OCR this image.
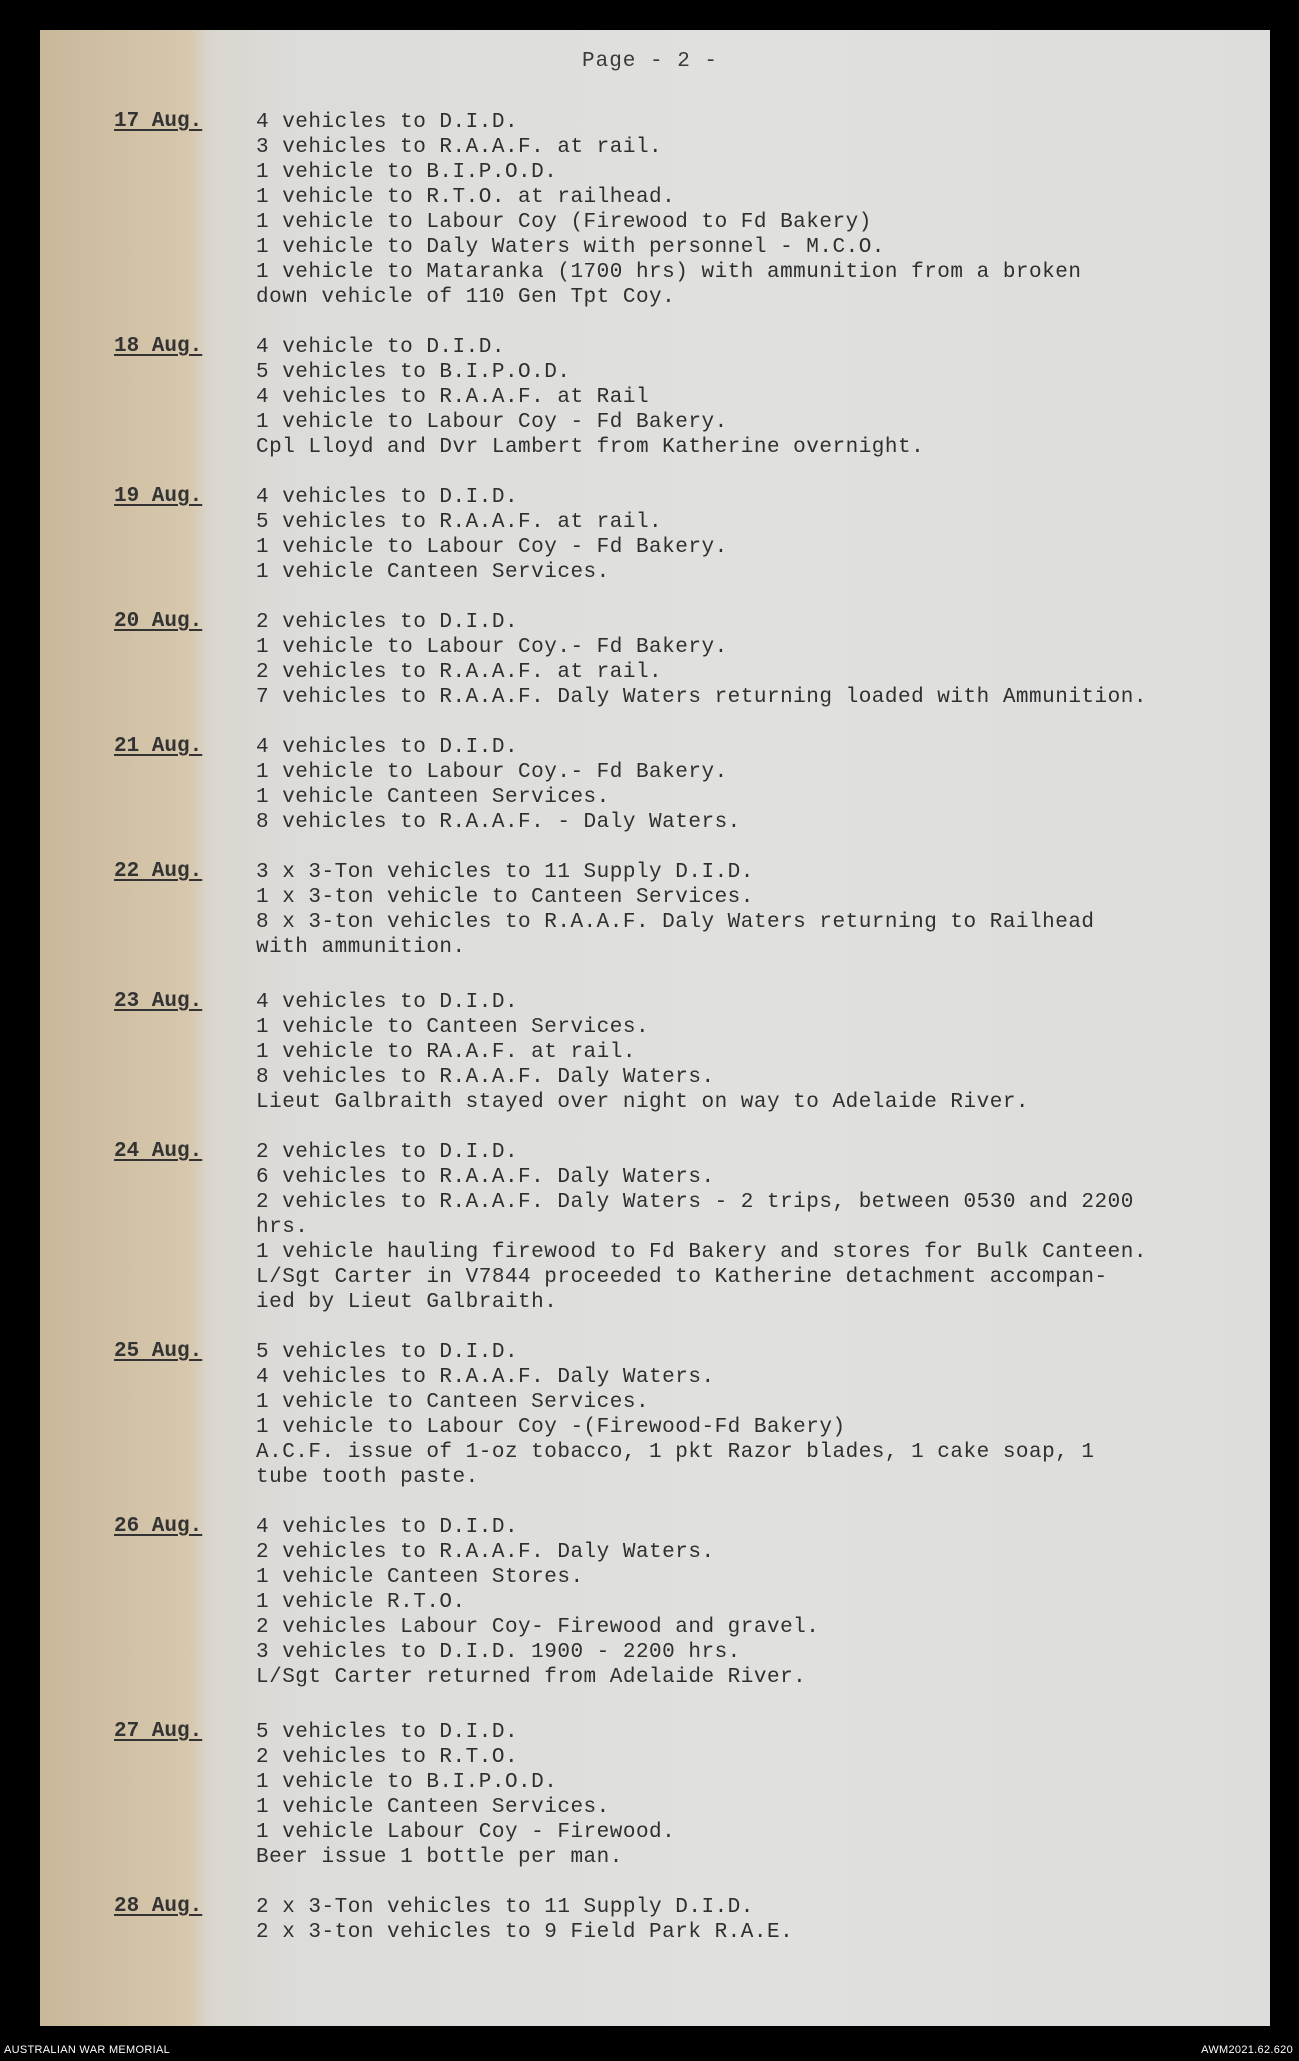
Page - 2 -
17 Aug.	4 vehicles to D.I.D.
3 vehicles to R.A.A.F. at rail.
1 vehicle to B.I.P.O.D.
1 vehicle to R.T.O. at railhead.
1 vehicle to Labour Coy (Firewood to Fd Bakery)
1 vehicle to Daly Waters with personnel - M.C.O.
1 vehicle to Mataranka (1700 hrs) with ammunition from a broken
down vehicle of 110 Gen Tpt Coy.
18 Aug.	4 vehicle to D.I.D.
5 vehicles to B.I.P.O.D.
4 vehicles to R.A.A.F. at Rail
1 vehicle to Labour Coy - Fd Bakery.
Cpl Lloyd and Dvr Lambert from Katherine overnight.
19 Aug.	4 vehicles to D.I.D.
5 vehicles to R.A.A.F. at rail.
1 vehicle to Labour Coy - Fd Bakery.
1 vehicle Canteen Services.
20 Aug.	2 vehicles to D.I.D.
1 vehicle to Labour Coy.- Fd Bakery.
2 vehicles to R.A.A.F. at rail.
7 vehicles to R.A.A.F. Daly Waters returning loaded with Ammunition.
21 Aug.	4 vehicles to D.I.D.
1 vehicle to Labour Coy.- Fd Bakery.
1 vehicle Canteen Services.
8 vehicles to R.A.A.F. - Daly Waters.
22 Aug.	3 x 3-Ton vehicles to 11 Supply D.I.D.
1 x 3-ton vehicle to Canteen Services.
8 x 3-ton vehicles to R.A.A.F. Daly Waters returning to Railhead
with ammunition.
23 Aug.	4 vehicles to D.I.D.
1 vehicle to Canteen Services.
1 vehicle to RA.A.F. at rail.
8 vehicles to R.A.A.F. Daly Waters.
Lieut Galbraith stayed over night on way to Adelaide River.
24 Aug.	2 vehicles to D.I.D.
6 vehicles to R.A.A.F. Daly Waters.
2 vehicles to R.A.A.F. Daly Waters - 2 trips, between 0530 and 2200
hrs.
1 vehicle hauling firewood to Fd Bakery and stores for Bulk Canteen.
L/Sgt Carter in V7844 proceeded to Katherine detachment accompan-
ied by Lieut Galbraith.
25 Aug.	5 vehicles to D.I.D.
4 vehicles to R.A.A.F. Daly Waters.
1 vehicle to Canteen Services.
1 vehicle to Labour Coy -(Firewood-Fd Bakery)
A.C.F. issue of 1-oz tobacco, 1 pkt Razor blades, 1 cake soap, 1
tube tooth paste.
26 Aug.	4 vehicles to D.I.D.
2 vehicles to R.A.A.F. Daly Waters.
1 vehicle Canteen Stores.
1 vehicle R.T.O.
2 vehicles Labour Coy- Firewood and gravel.
3 vehicles to D.I.D. 1900 - 2200 hrs.
L/Sgt Carter returned from Adelaide River.
27 Aug.	5 vehicles to D.I.D.
2 vehicles to R.T.O.
1 vehicle to B.I.P.O.D.
1 vehicle Canteen Services.
1 vehicle Labour Coy - Firewood.
Beer issue 1 bottle per man.
28 Aug.	2 x 3-Ton vehicles to 11 Supply D.I.D.
2 x 3-ton vehicles to 9 Field Park R.A.E.
AUSTRALIAN WAR MEMORIAL	AWM2021.62.620
